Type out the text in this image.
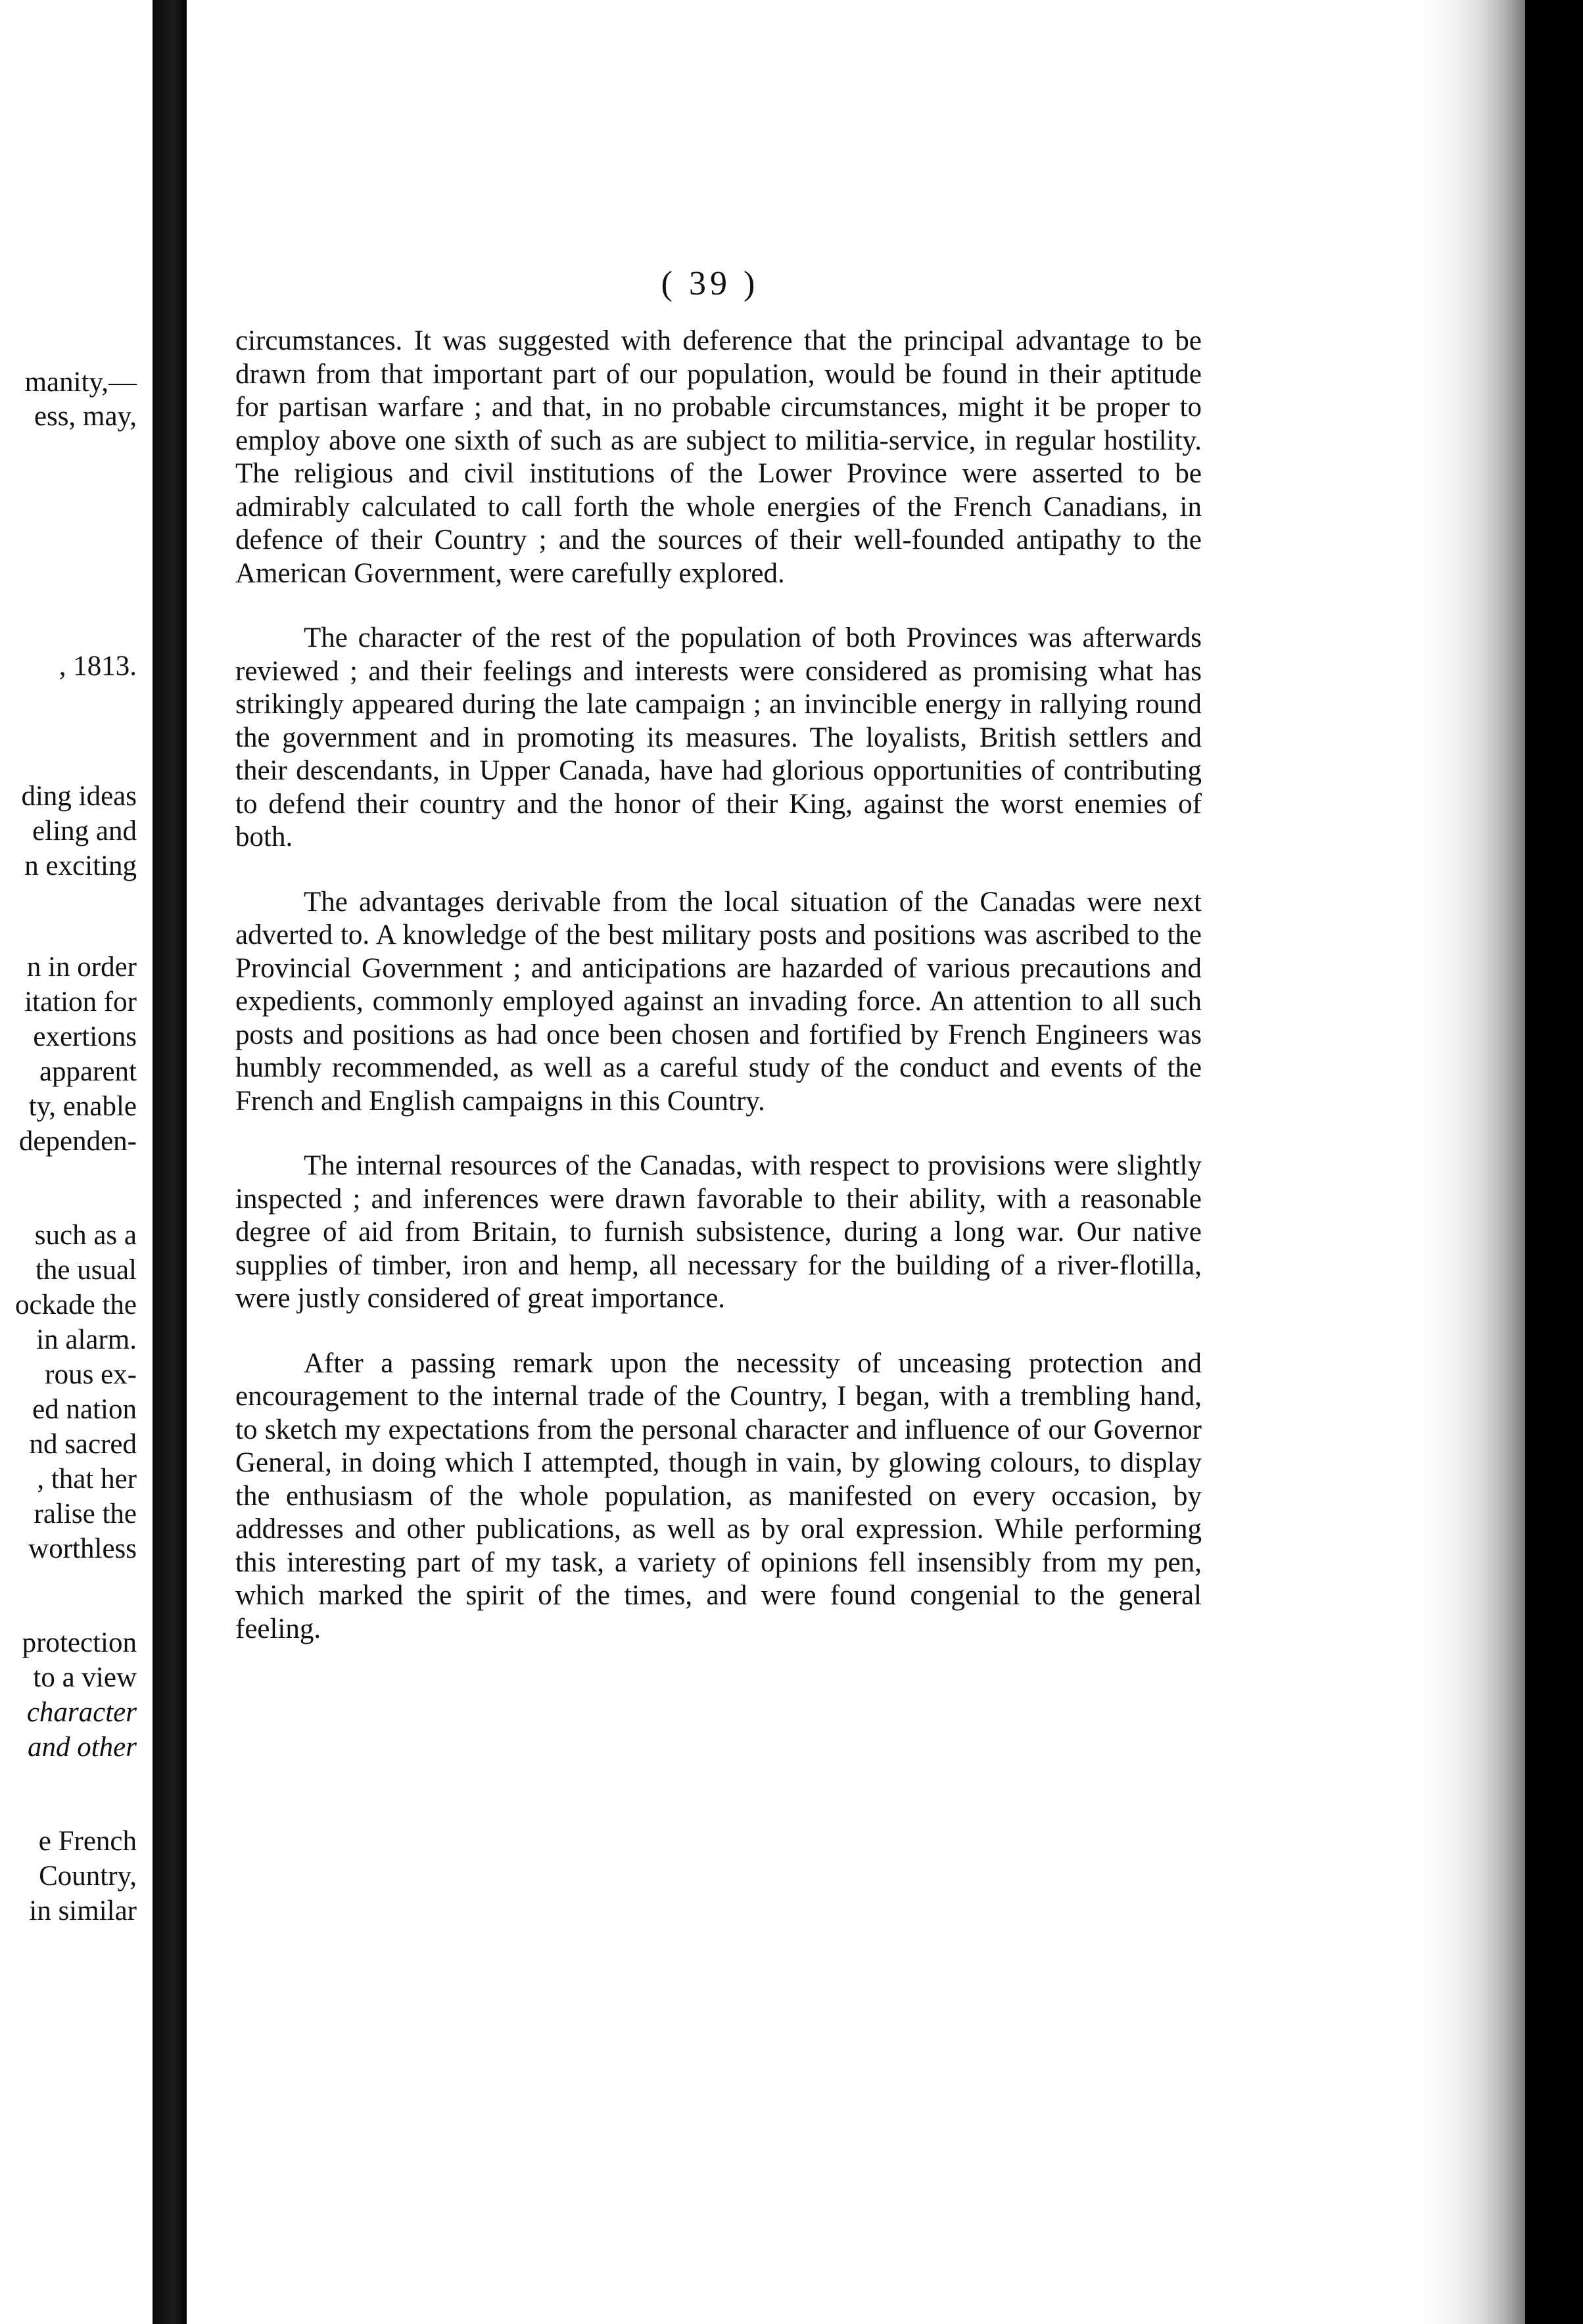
manity,—
ess, may,
, 1813.
ding ideas
eling and
n exciting
n in order
itation for
exertions
apparent
ty, enable
dependen-
such as a
the usual
ockade the
in alarm.
rous ex-
ed nation
nd sacred
, that her
ralise the
worthless
protection
to a view
character
and other
e French
Country,
in similar
( 39 )

circumstances. It was suggested with deference that the principal advantage to be drawn from that important part of our population, would be found in their aptitude for partisan warfare ; and that, in no probable circumstances, might it be proper to employ above one sixth of such as are subject to militia-service, in regular hostility. The religious and civil institutions of the Lower Province were asserted to be admirably calculated to call forth the whole energies of the French Canadians, in defence of their Country ; and the sources of their well-founded antipathy to the American Government, were carefully explored.

The character of the rest of the population of both Provinces was afterwards reviewed ; and their feelings and interests were considered as promising what has strikingly appeared during the late campaign ; an invincible energy in rallying round the government and in promoting its measures. The loyalists, British settlers and their descendants, in Upper Canada, have had glorious opportunities of contributing to defend their country and the honor of their King, against the worst enemies of both.

The advantages derivable from the local situation of the Canadas were next adverted to. A knowledge of the best military posts and positions was ascribed to the Provincial Government ; and anticipations are hazarded of various precautions and expedients, commonly employed against an invading force. An attention to all such posts and positions as had once been chosen and fortified by French Engineers was humbly recommended, as well as a careful study of the conduct and events of the French and English campaigns in this Country.

The internal resources of the Canadas, with respect to provisions were slightly inspected ; and inferences were drawn favorable to their ability, with a reasonable degree of aid from Britain, to furnish subsistence, during a long war. Our native supplies of timber, iron and hemp, all necessary for the building of a river-flotilla, were justly considered of great importance.

After a passing remark upon the necessity of unceasing protection and encouragement to the internal trade of the Country, I began, with a trembling hand, to sketch my expectations from the personal character and influence of our Governor General, in doing which I attempted, though in vain, by glowing colours, to display the enthusiasm of the whole population, as manifested on every occasion, by addresses and other publications, as well as by oral expression. While performing this interesting part of my task, a variety of opinions fell insensibly from my pen, which marked the spirit of the times, and were found congenial to the general feeling.
